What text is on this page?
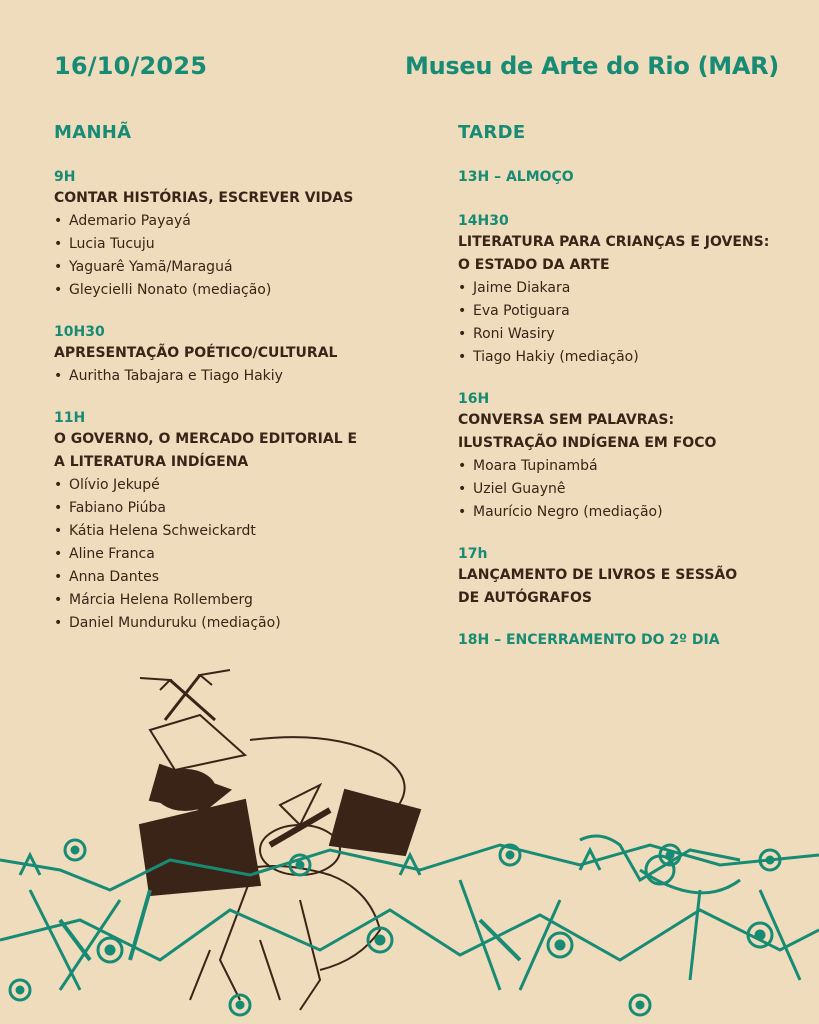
16/10/2025	Museu de Arte do Rio (MAR)
MANHÃ
9H
CONTAR HISTÓRIAS, ESCREVER VIDAS
• Ademario Payayá
• Lucia Tucuju
• Yaguarê Yamã/Maraguá
• Gleycielli Nonato (mediação)
10H30
APRESENTAÇÃO POÉTICO/CULTURAL
• Auritha Tabajara e Tiago Hakiy
11H
O GOVERNO, O MERCADO EDITORIAL E
A LITERATURA INDÍGENA
• Olívio Jekupé
• Fabiano Piúba
• Kátia Helena Schweickardt
• Aline Franca
• Anna Dantes
• Márcia Helena Rollemberg
• Daniel Munduruku (mediação)
TARDE
13H – ALMOÇO
14H30
LITERATURA PARA CRIANÇAS E JOVENS:
O ESTADO DA ARTE
• Jaime Diakara
• Eva Potiguara
• Roni Wasiry
• Tiago Hakiy (mediação)
16H
CONVERSA SEM PALAVRAS:
ILUSTRAÇÃO INDÍGENA EM FOCO
• Moara Tupinambá
• Uziel Guaynê
• Maurício Negro (mediação)
17h
LANÇAMENTO DE LIVROS E SESSÃO
DE AUTÓGRAFOS
18H – ENCERRAMENTO DO 2º DIA
